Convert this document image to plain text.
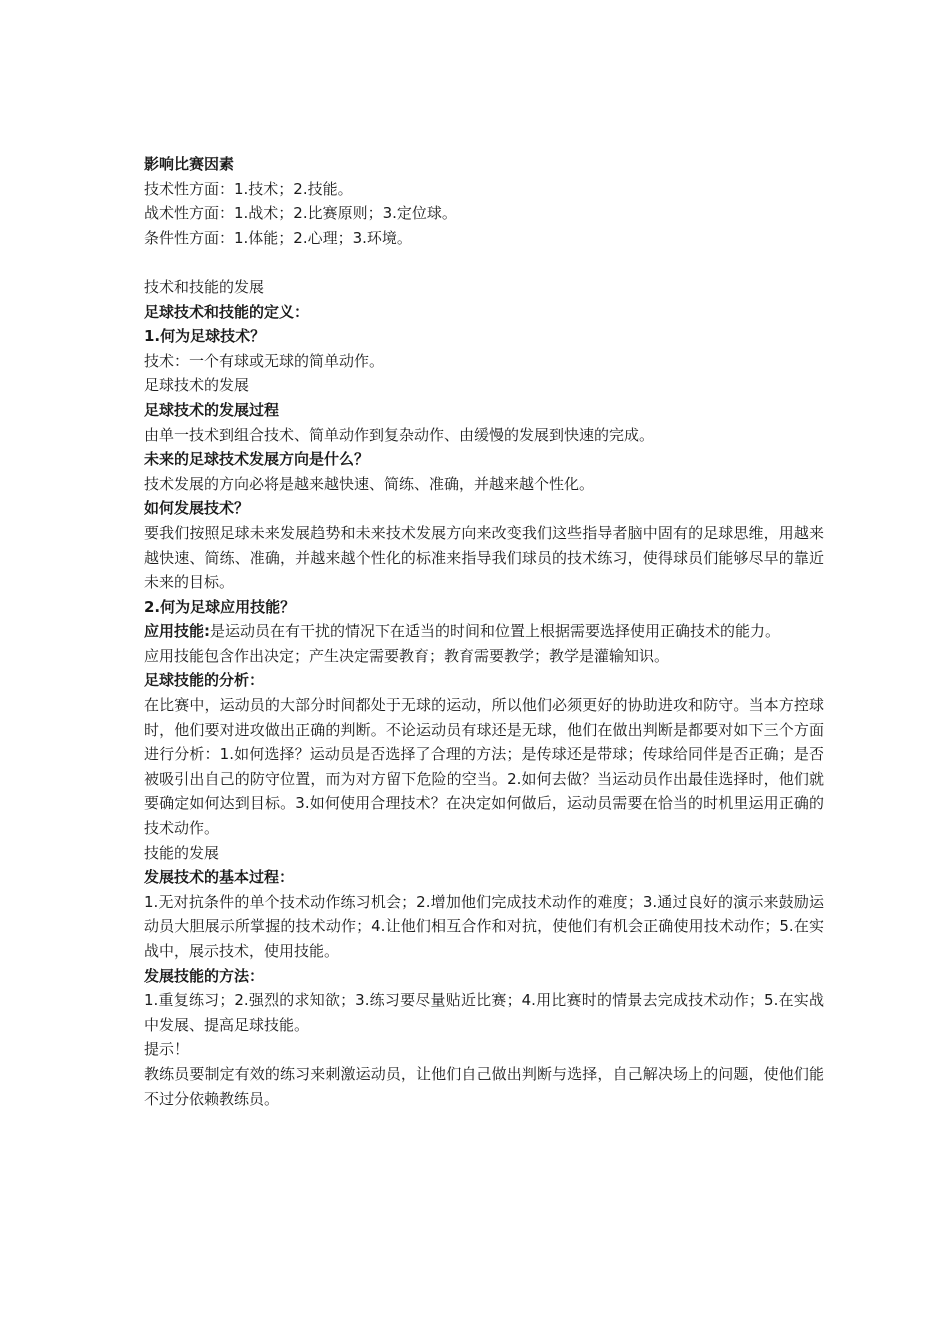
影响比赛因素

技术性方面：1.技术；2.技能。

战术性方面：1.战术；2.比赛原则；3.定位球。

条件性方面：1.体能；2.心理；3.环境。

技术和技能的发展

足球技术和技能的定义：

1.何为足球技术？

技术：一个有球或无球的简单动作。

足球技术的发展

足球技术的发展过程

由单一技术到组合技术、简单动作到复杂动作、由缓慢的发展到快速的完成。

未来的足球技术发展方向是什么？

技术发展的方向必将是越来越快速、简练、准确，并越来越个性化。

如何发展技术？

要我们按照足球未来发展趋势和未来技术发展方向来改变我们这些指导者脑中固有的足球思维，用越来越快速、简练、准确，并越来越个性化的标准来指导我们球员的技术练习，使得球员们能够尽早的靠近未来的目标。

2.何为足球应用技能？

应用技能:是运动员在有干扰的情况下在适当的时间和位置上根据需要选择使用正确技术的能力。

应用技能包含作出决定；产生决定需要教育；教育需要教学；教学是灌输知识。

足球技能的分析：

在比赛中，运动员的大部分时间都处于无球的运动，所以他们必须更好的协助进攻和防守。当本方控球时，他们要对进攻做出正确的判断。不论运动员有球还是无球，他们在做出判断是都要对如下三个方面进行分析：1.如何选择？运动员是否选择了合理的方法；是传球还是带球；传球给同伴是否正确；是否被吸引出自己的防守位置，而为对方留下危险的空当。2.如何去做？当运动员作出最佳选择时，他们就要确定如何达到目标。3.如何使用合理技术？在决定如何做后，运动员需要在恰当的时机里运用正确的技术动作。

技能的发展

发展技术的基本过程：

1.无对抗条件的单个技术动作练习机会；2.增加他们完成技术动作的难度；3.通过良好的演示来鼓励运动员大胆展示所掌握的技术动作；4.让他们相互合作和对抗，使他们有机会正确使用技术动作；5.在实战中，展示技术，使用技能。

发展技能的方法：

1.重复练习；2.强烈的求知欲；3.练习要尽量贴近比赛；4.用比赛时的情景去完成技术动作；5.在实战中发展、提高足球技能。

提示！

教练员要制定有效的练习来刺激运动员，让他们自己做出判断与选择，自己解决场上的问题，使他们能不过分依赖教练员。
